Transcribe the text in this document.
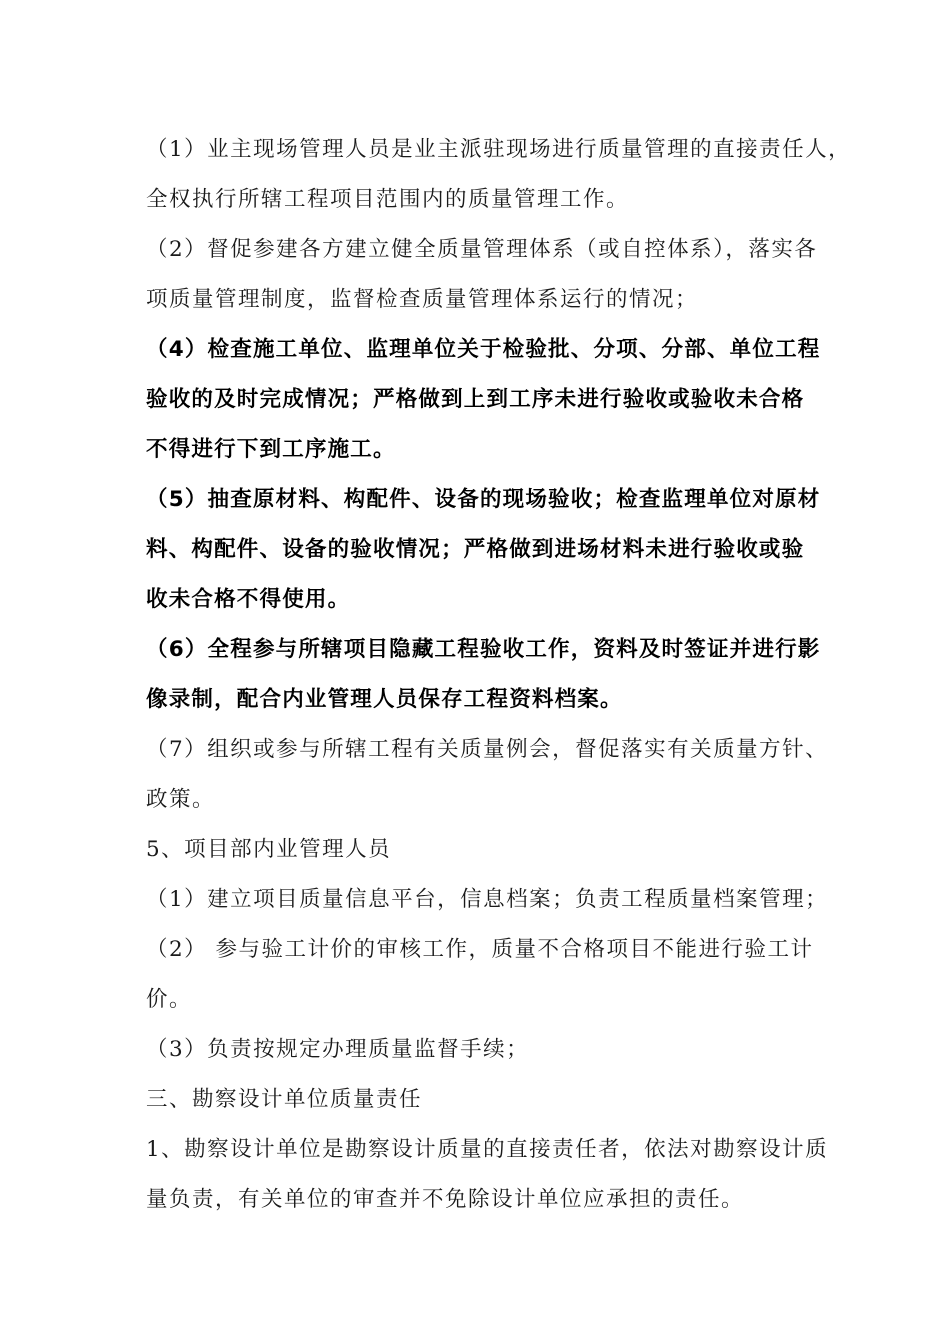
（1）业主现场管理人员是业主派驻现场进行质量管理的直接责任人，
全权执行所辖工程项目范围内的质量管理工作。
（2）督促参建各方建立健全质量管理体系（或自控体系），落实各
项质量管理制度，监督检查质量管理体系运行的情况；
（4）检查施工单位、监理单位关于检验批、分项、分部、单位工程
验收的及时完成情况；严格做到上到工序未进行验收或验收未合格
不得进行下到工序施工。
（5）抽查原材料、构配件、设备的现场验收；检查监理单位对原材
料、构配件、设备的验收情况；严格做到进场材料未进行验收或验
收未合格不得使用。
（6）全程参与所辖项目隐藏工程验收工作，资料及时签证并进行影
像录制，配合内业管理人员保存工程资料档案。
（7）组织或参与所辖工程有关质量例会，督促落实有关质量方针、
政策。
5、项目部内业管理人员
（1）建立项目质量信息平台，信息档案；负责工程质量档案管理；
（2） 参与验工计价的审核工作，质量不合格项目不能进行验工计
价。
（3）负责按规定办理质量监督手续；
三、勘察设计单位质量责任
1、勘察设计单位是勘察设计质量的直接责任者，依法对勘察设计质
量负责，有关单位的审查并不免除设计单位应承担的责任。
